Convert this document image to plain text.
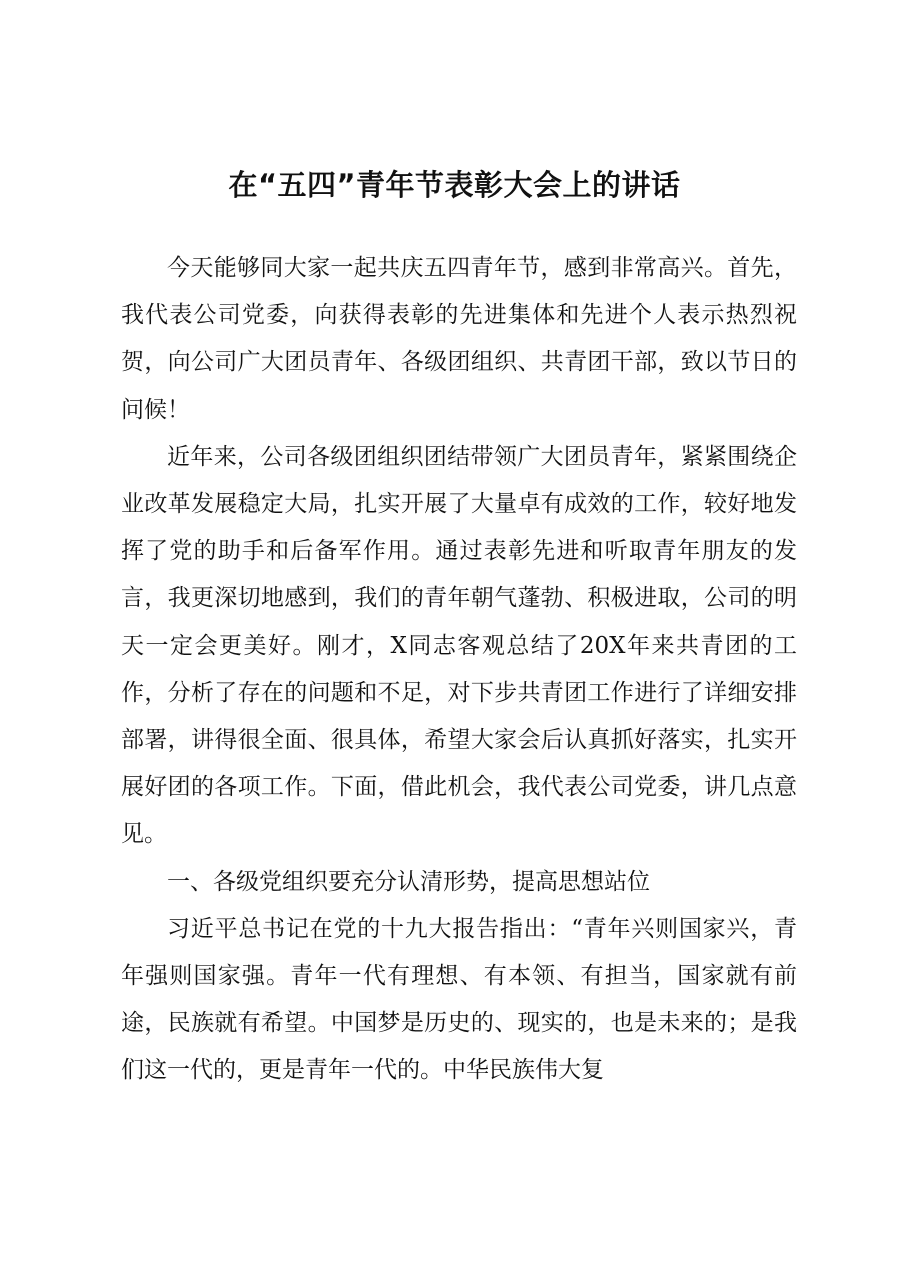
在“五四”青年节表彰大会上的讲话

今天能够同大家一起共庆五四青年节，感到非常高兴。首先，我代表公司党委，向获得表彰的先进集体和先进个人表示热烈祝贺，向公司广大团员青年、各级团组织、共青团干部，致以节日的问候！

近年来，公司各级团组织团结带领广大团员青年，紧紧围绕企业改革发展稳定大局，扎实开展了大量卓有成效的工作，较好地发挥了党的助手和后备军作用。通过表彰先进和听取青年朋友的发言，我更深切地感到，我们的青年朝气蓬勃、积极进取，公司的明天一定会更美好。刚才，X同志客观总结了20X年来共青团的工作，分析了存在的问题和不足，对下步共青团工作进行了详细安排部署，讲得很全面、很具体，希望大家会后认真抓好落实，扎实开展好团的各项工作。下面，借此机会，我代表公司党委，讲几点意见。

一、各级党组织要充分认清形势，提高思想站位

习近平总书记在党的十九大报告指出：“青年兴则国家兴，青年强则国家强。青年一代有理想、有本领、有担当，国家就有前途，民族就有希望。中国梦是历史的、现实的，也是未来的；是我们这一代的，更是青年一代的。中华民族伟大复
